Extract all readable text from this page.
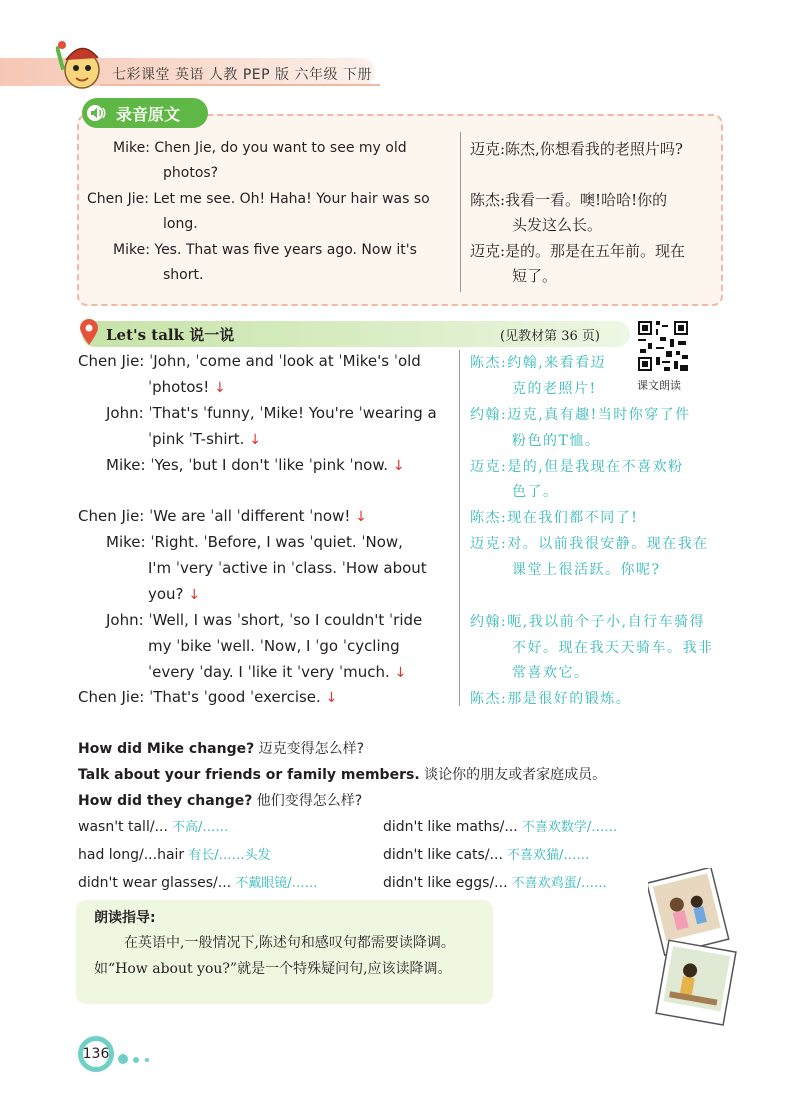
七彩课堂 英语 人教 PEP 版 六年级 下册
录音原文
Mike: Chen Jie, do you want to see my old
photos?
Chen Jie: Let me see. Oh! Haha! Your hair was so
long.
Mike: Yes. That was five years ago. Now it's
short.
迈克:陈杰,你想看我的老照片吗?
陈杰:我看一看。噢!哈哈!你的
头发这么长。
迈克:是的。那是在五年前。现在
短了。
Let's talk 说一说	(见教材第 36 页)
课文朗读
Chen Jie: ˈJohn, ˈcome and ˈlook at ˈMike's ˈold
ˈphotos! ↓
John: ˈThat's ˈfunny, ˈMike! You're ˈwearing a
ˈpink ˈT-shirt. ↓
Mike: ˈYes, ˈbut I don't ˈlike ˈpink ˈnow. ↓
Chen Jie: ˈWe are ˈall ˈdifferent ˈnow! ↓
Mike: ˈRight. ˈBefore, I was ˈquiet. ˈNow,
I'm ˈvery ˈactive in ˈclass. ˈHow about
you? ↓
John: ˈWell, I was ˈshort, ˈso I couldn't ˈride
my ˈbike ˈwell. ˈNow, I ˈgo ˈcycling
ˈevery ˈday. I ˈlike it ˈvery ˈmuch. ↓
Chen Jie: ˈThat's ˈgood ˈexercise. ↓
陈杰:约翰,来看看迈
克的老照片!
约翰:迈克,真有趣!当时你穿了件
粉色的T恤。
迈克:是的,但是我现在不喜欢粉
色了。
陈杰:现在我们都不同了!
迈克:对。以前我很安静。现在我在
课堂上很活跃。你呢?
约翰:呃,我以前个子小,自行车骑得
不好。现在我天天骑车。我非
常喜欢它。
陈杰:那是很好的锻炼。
How did Mike change? 迈克变得怎么样?
Talk about your friends or family members. 谈论你的朋友或者家庭成员。
How did they change? 他们变得怎么样?
wasn't tall/... 不高/……	didn't like maths/... 不喜欢数学/……
had long/...hair 有长/……头发	didn't like cats/... 不喜欢猫/……
didn't wear glasses/... 不戴眼镜/……	didn't like eggs/... 不喜欢鸡蛋/……
朗读指导:
在英语中,一般情况下,陈述句和感叹句都需要读降调。如“How about you?”就是一个特殊疑问句,应该读降调。
136
